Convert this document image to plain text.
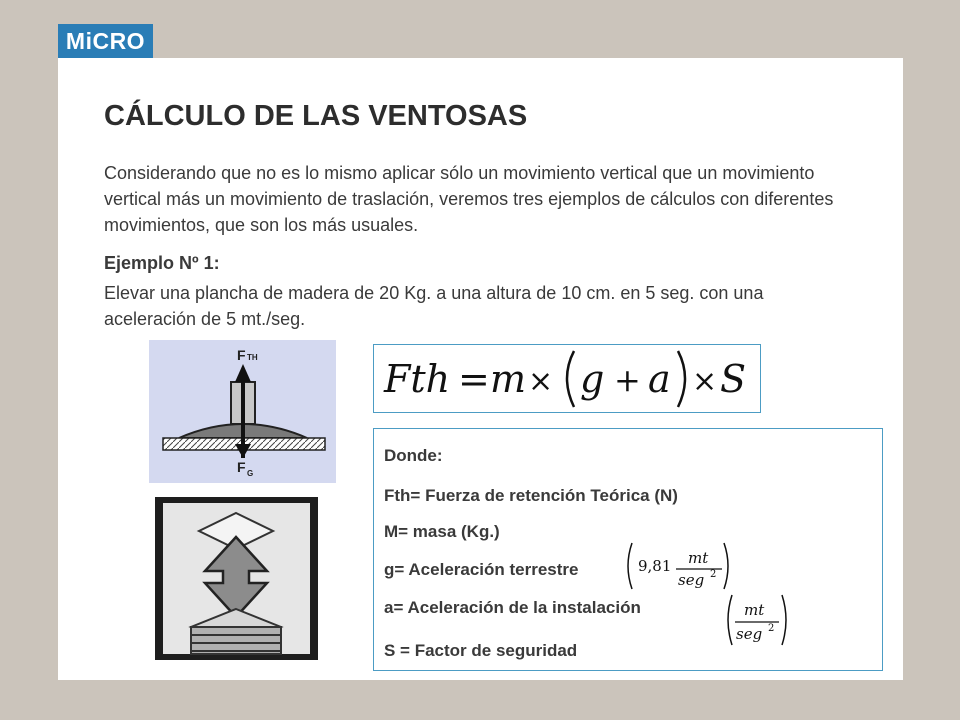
MiCRO
CÁLCULO DE LAS VENTOSAS

Considerando que no es lo mismo aplicar sólo un movimiento vertical que un movimiento vertical más un movimiento de traslación, veremos tres ejemplos de cálculos con diferentes movimientos, que son los más usuales.

Ejemplo Nº 1:

Elevar una plancha de madera de 20 Kg. a una altura de 10 cm. en 5 seg. con una aceleración de 5 mt./seg.

F TH
F G
Fth = m × g + a × S
Donde:
Fth= Fuerza de retención Teórica (N)
M= masa (Kg.)
g= Aceleración terrestre
a= Aceleración de la instalación
S = Factor de seguridad
9,81 mt
seg 2
mt
seg 2
